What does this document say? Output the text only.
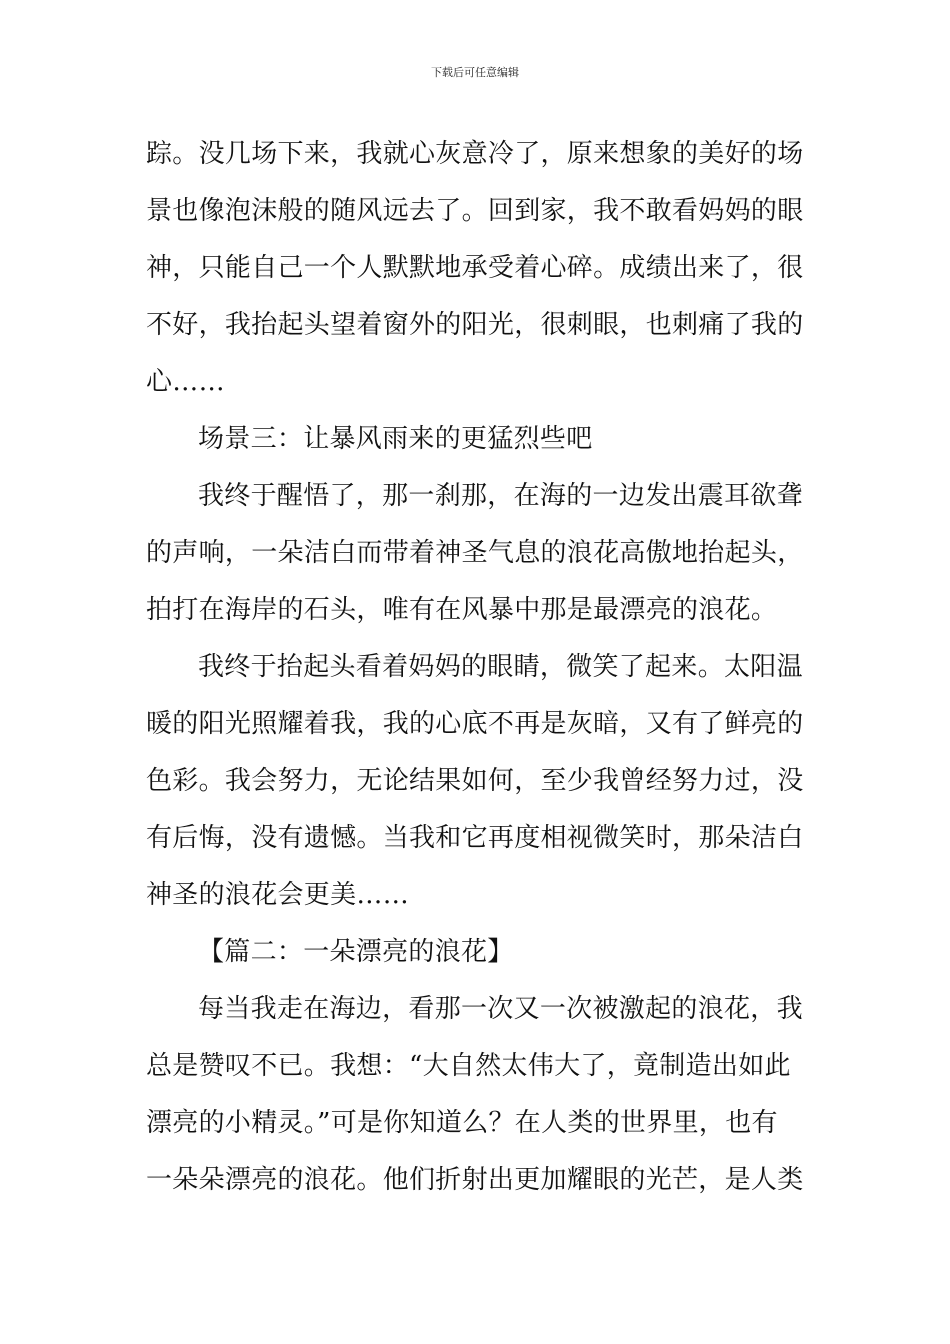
下载后可任意编辑
踪。没几场下来，我就心灰意冷了，原来想象的美好的场
景也像泡沫般的随风远去了。回到家，我不敢看妈妈的眼
神，只能自己一个人默默地承受着心碎。成绩出来了，很
不好，我抬起头望着窗外的阳光，很刺眼，也刺痛了我的
心……
场景三：让暴风雨来的更猛烈些吧
我终于醒悟了，那一刹那，在海的一边发出震耳欲聋
的声响，一朵洁白而带着神圣气息的浪花高傲地抬起头，
拍打在海岸的石头，唯有在风暴中那是最漂亮的浪花。
我终于抬起头看着妈妈的眼睛，微笑了起来。太阳温
暖的阳光照耀着我，我的心底不再是灰暗，又有了鲜亮的
色彩。我会努力，无论结果如何，至少我曾经努力过，没
有后悔，没有遗憾。当我和它再度相视微笑时，那朵洁白
神圣的浪花会更美……
【篇二：一朵漂亮的浪花】
每当我走在海边，看那一次又一次被激起的浪花，我
总是赞叹不已。我想：“大自然太伟大了，竟制造出如此
漂亮的小精灵。”可是你知道么？在人类的世界里，也有
一朵朵漂亮的浪花。他们折射出更加耀眼的光芒，是人类
